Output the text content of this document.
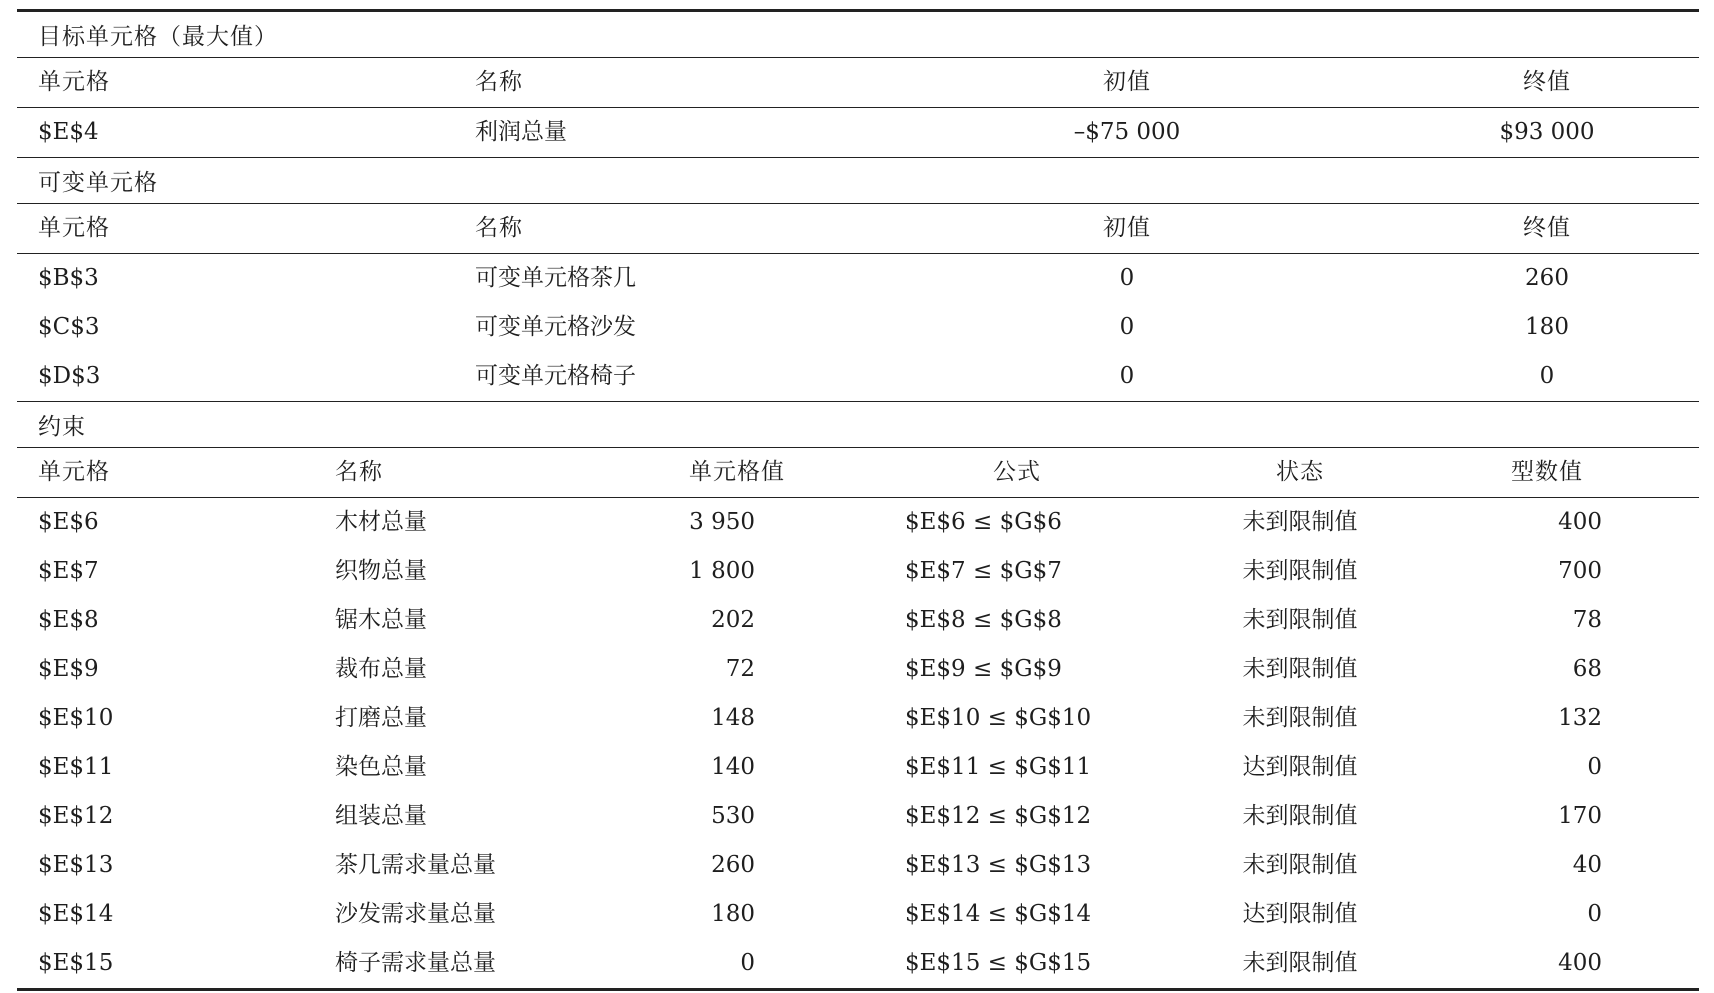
目标单元格（最大值）
单元格	名称	初值	终值
$E$4	利润总量	–$75 000	$93 000
可变单元格
单元格	名称	初值	终值
$B$3	可变单元格茶几	0	260
$C$3	可变单元格沙发	0	180
$D$3	可变单元格椅子	0	0
约束
单元格	名称	单元格值	公式	状态	型数值
$E$6	木材总量	3 950	$E$6 ≤ $G$6	未到限制值	400
$E$7	织物总量	1 800	$E$7 ≤ $G$7	未到限制值	700
$E$8	锯木总量	202	$E$8 ≤ $G$8	未到限制值	78
$E$9	裁布总量	72	$E$9 ≤ $G$9	未到限制值	68
$E$10	打磨总量	148	$E$10 ≤ $G$10	未到限制值	132
$E$11	染色总量	140	$E$11 ≤ $G$11	达到限制值	0
$E$12	组装总量	530	$E$12 ≤ $G$12	未到限制值	170
$E$13	茶几需求量总量	260	$E$13 ≤ $G$13	未到限制值	40
$E$14	沙发需求量总量	180	$E$14 ≤ $G$14	达到限制值	0
$E$15	椅子需求量总量	0	$E$15 ≤ $G$15	未到限制值	400
